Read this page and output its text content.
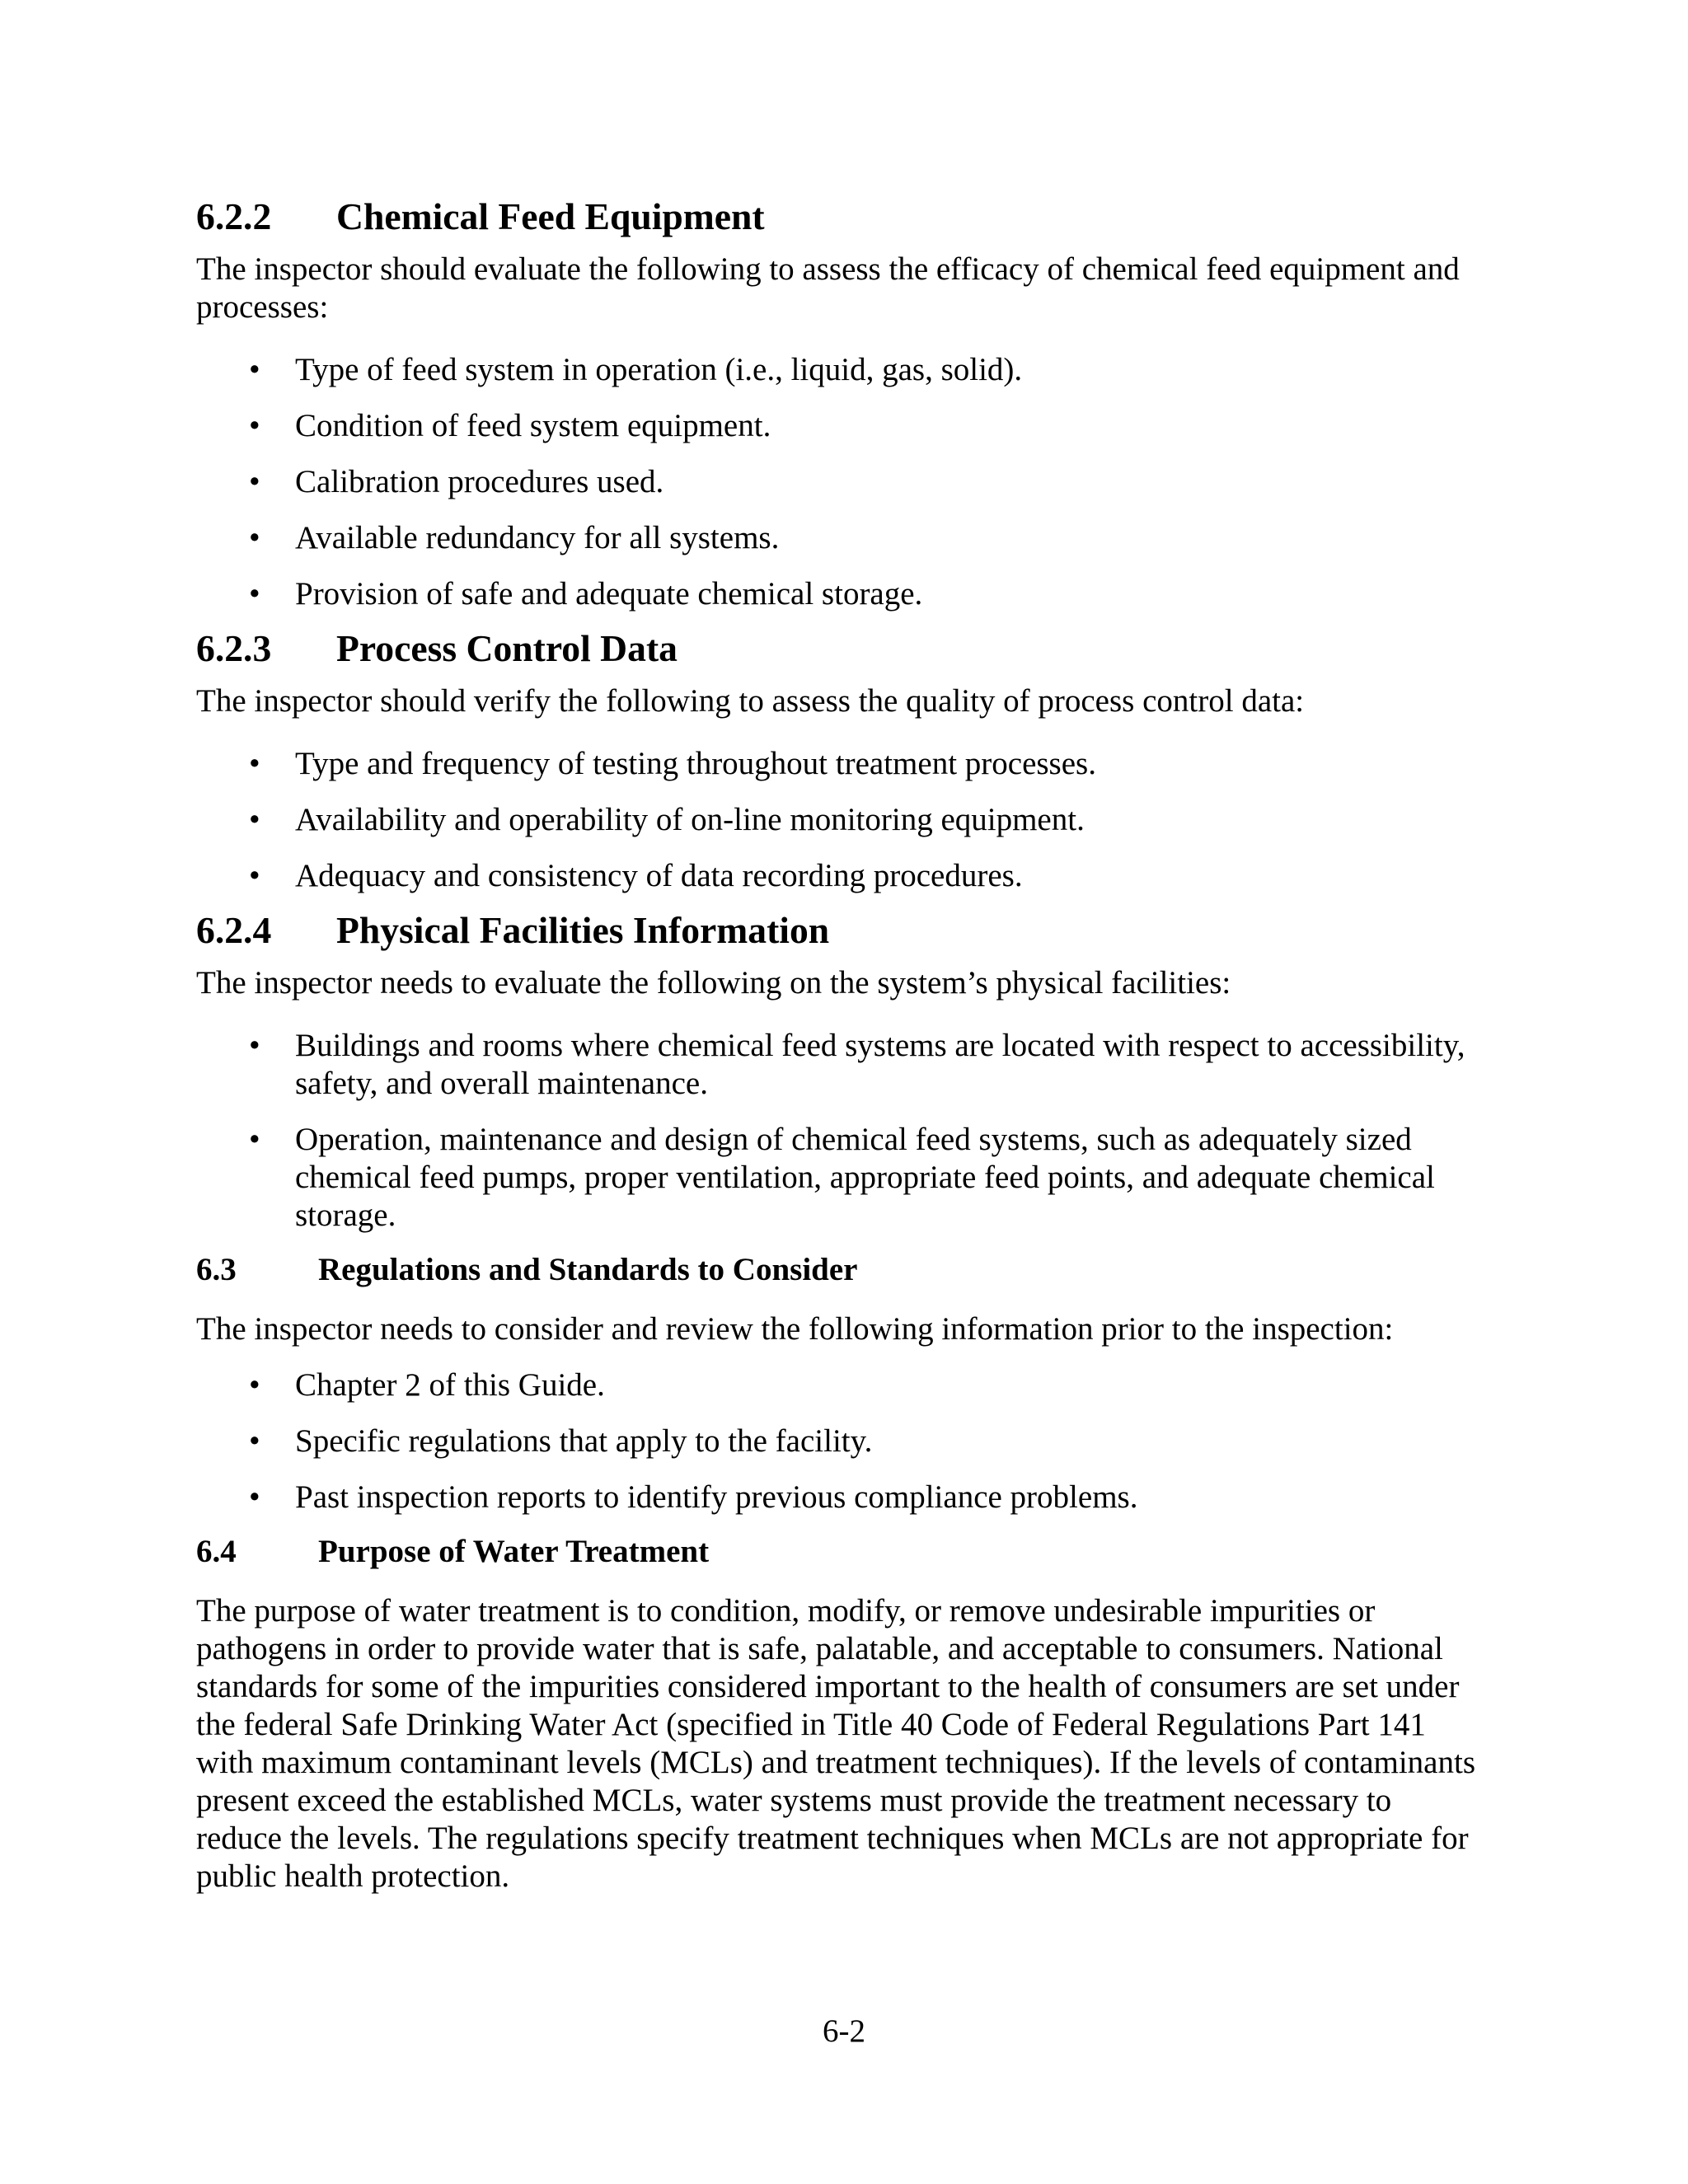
6.2.2	Chemical Feed Equipment

The inspector should evaluate the following to assess the efficacy of chemical feed equipment and processes:

• Type of feed system in operation (i.e., liquid, gas, solid).
• Condition of feed system equipment.
• Calibration procedures used.
• Available redundancy for all systems.
• Provision of safe and adequate chemical storage.
6.2.3	Process Control Data

The inspector should verify the following to assess the quality of process control data:

• Type and frequency of testing throughout treatment processes.
• Availability and operability of on-line monitoring equipment.
• Adequacy and consistency of data recording procedures.
6.2.4	Physical Facilities Information

The inspector needs to evaluate the following on the system’s physical facilities:

• Buildings and rooms where chemical feed systems are located with respect to accessibility, safety, and overall maintenance.
• Operation, maintenance and design of chemical feed systems, such as adequately sized chemical feed pumps, proper ventilation, appropriate feed points, and adequate chemical storage.
6.3	Regulations and Standards to Consider

The inspector needs to consider and review the following information prior to the inspection:

• Chapter 2 of this Guide.
• Specific regulations that apply to the facility.
• Past inspection reports to identify previous compliance problems.
6.4	Purpose of Water Treatment

The purpose of water treatment is to condition, modify, or remove undesirable impurities or pathogens in order to provide water that is safe, palatable, and acceptable to consumers. National standards for some of the impurities considered important to the health of consumers are set under the federal Safe Drinking Water Act (specified in Title 40 Code of Federal Regulations Part 141 with maximum contaminant levels (MCLs) and treatment techniques). If the levels of contaminants present exceed the established MCLs, water systems must provide the treatment necessary to reduce the levels. The regulations specify treatment techniques when MCLs are not appropriate for public health protection.

6-2
